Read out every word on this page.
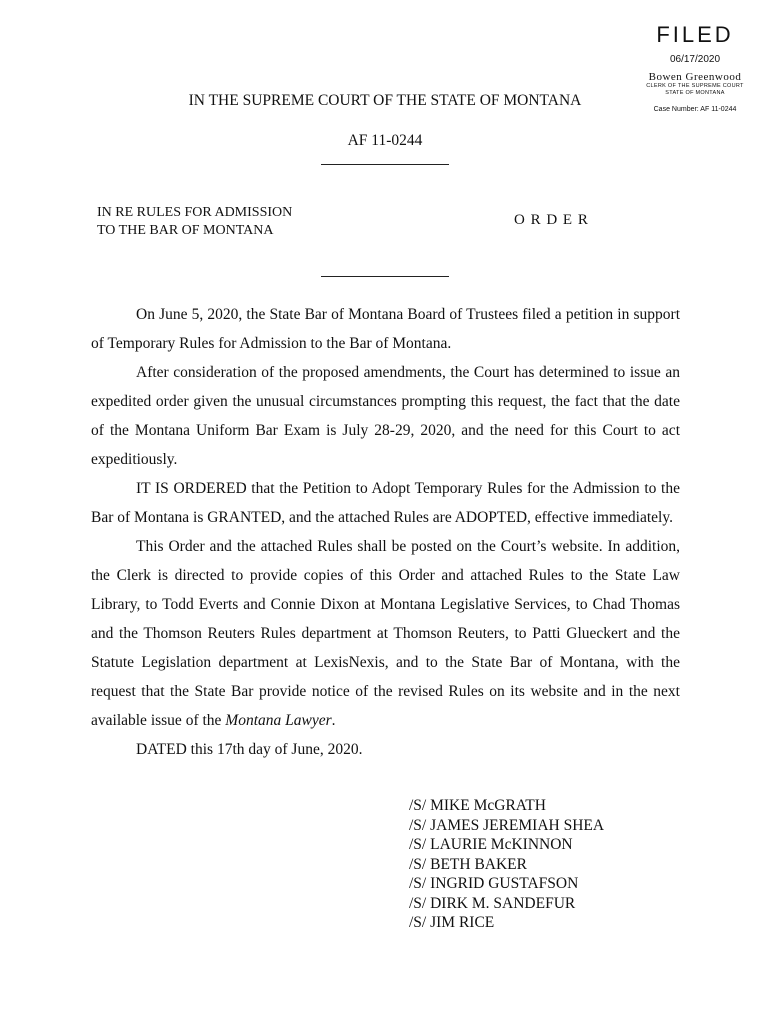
FILED
06/17/2020
Bowen Greenwood
CLERK OF THE SUPREME COURT
STATE OF MONTANA
Case Number: AF 11-0244
IN THE SUPREME COURT OF THE STATE OF MONTANA
AF 11-0244
IN RE RULES FOR ADMISSION
TO THE BAR OF MONTANA
O R D E R

On June 5, 2020, the State Bar of Montana Board of Trustees filed a petition in support of Temporary Rules for Admission to the Bar of Montana.

After consideration of the proposed amendments, the Court has determined to issue an expedited order given the unusual circumstances prompting this request, the fact that the date of the Montana Uniform Bar Exam is July 28-29, 2020, and the need for this Court to act expeditiously.

IT IS ORDERED that the Petition to Adopt Temporary Rules for the Admission to the Bar of Montana is GRANTED, and the attached Rules are ADOPTED, effective immediately.

This Order and the attached Rules shall be posted on the Court’s website. In addition, the Clerk is directed to provide copies of this Order and attached Rules to the State Law Library, to Todd Everts and Connie Dixon at Montana Legislative Services, to Chad Thomas and the Thomson Reuters Rules department at Thomson Reuters, to Patti Glueckert and the Statute Legislation department at LexisNexis, and to the State Bar of Montana, with the request that the State Bar provide notice of the revised Rules on its website and in the next available issue of the Montana Lawyer.

DATED this 17th day of June, 2020.

/S/ MIKE McGRATH
/S/ JAMES JEREMIAH SHEA
/S/ LAURIE McKINNON
/S/ BETH BAKER
/S/ INGRID GUSTAFSON
/S/ DIRK M. SANDEFUR
/S/ JIM RICE
